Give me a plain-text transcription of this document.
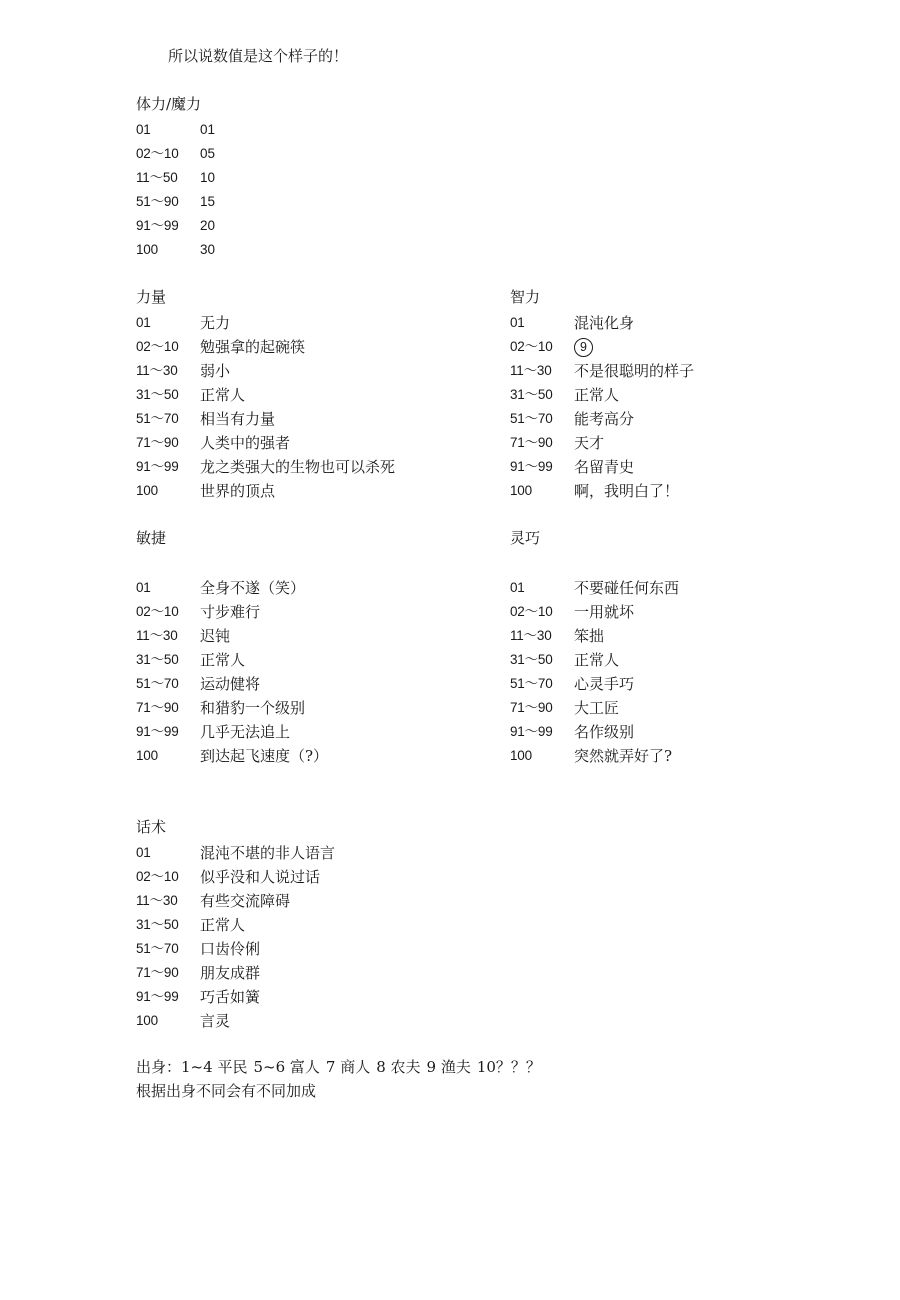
所以说数值是这个样子的！
体力/魔力
01	01
02～10	05
11～50	10
51～90	15
91～99	20
100	30
力量
01	无力
02～10	勉强拿的起碗筷
11～30	弱小
31～50	正常人
51～70	相当有力量
71～90	人类中的强者
91～99	龙之类强大的生物也可以杀死
100	世界的顶点
智力
01	混沌化身
02～10	9
11～30	不是很聪明的样子
31～50	正常人
51～70	能考高分
71～90	天才
91～99	名留青史
100	啊，我明白了！
敏捷
01	全身不遂（笑）
02～10	寸步难行
11～30	迟钝
31～50	正常人
51～70	运动健将
71～90	和猎豹一个级别
91～99	几乎无法追上
100	到达起飞速度（?）
灵巧
01	不要碰任何东西
02～10	一用就坏
11～30	笨拙
31～50	正常人
51～70	心灵手巧
71～90	大工匠
91～99	名作级别
100	突然就弄好了?
话术
01	混沌不堪的非人语言
02～10	似乎没和人说过话
11～30	有些交流障碍
31～50	正常人
51～70	口齿伶俐
71～90	朋友成群
91～99	巧舌如簧
100	言灵
出身：1~4 平民 5~6 富人 7 商人 8 农夫 9 渔夫 10？？？
根据出身不同会有不同加成
